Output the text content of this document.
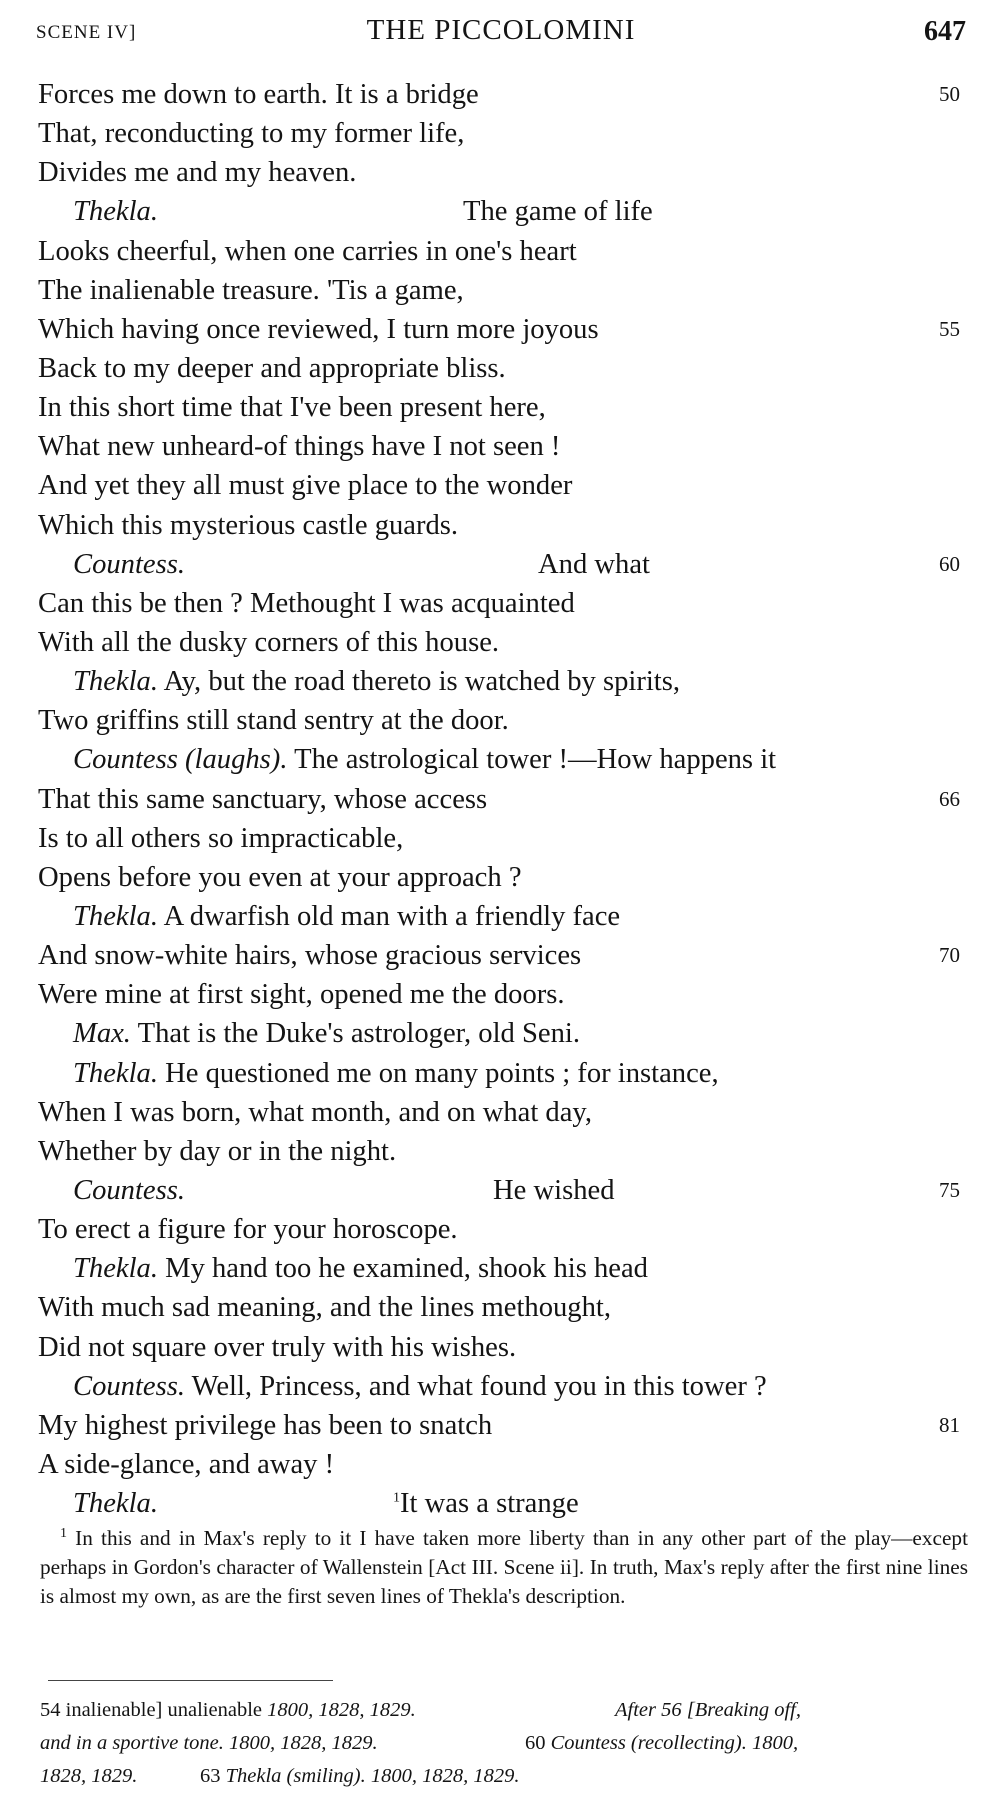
SCENE IV]	THE PICCOLOMINI	647
Forces me down to earth. It is a bridge	50
That, reconducting to my former life,
Divides me and my heaven.
Thekla.	The game of life
Looks cheerful, when one carries in one's heart
The inalienable treasure. 'Tis a game,
Which having once reviewed, I turn more joyous	55
Back to my deeper and appropriate bliss.
In this short time that I've been present here,
What new unheard-of things have I not seen !
And yet they all must give place to the wonder
Which this mysterious castle guards.
Countess.	And what	60
Can this be then ? Methought I was acquainted
With all the dusky corners of this house.
Thekla. Ay, but the road thereto is watched by spirits,
Two griffins still stand sentry at the door.
Countess (laughs). The astrological tower !—How happens it
That this same sanctuary, whose access	66
Is to all others so impracticable,
Opens before you even at your approach ?
Thekla. A dwarfish old man with a friendly face
And snow-white hairs, whose gracious services	70
Were mine at first sight, opened me the doors.
Max. That is the Duke's astrologer, old Seni.
Thekla. He questioned me on many points ; for instance,
When I was born, what month, and on what day,
Whether by day or in the night.
Countess.	He wished	75
To erect a figure for your horoscope.
Thekla. My hand too he examined, shook his head
With much sad meaning, and the lines methought,
Did not square over truly with his wishes.
Countess. Well, Princess, and what found you in this tower ?
My highest privilege has been to snatch	81
A side-glance, and away !
Thekla.	$^1$It was a strange

$^1$ In this and in Max's reply to it I have taken more liberty than in any other part of the play—except perhaps in Gordon's character of Wallenstein [Act III. Scene ii]. In truth, Max's reply after the first nine lines is almost my own, as are the first seven lines of Thekla's description.

54 inalienable] unalienable 1800, 1828, 1829.	After 56 [Breaking off,
and in a sportive tone. 1800, 1828, 1829.	60 Countess (recollecting). 1800,
1828, 1829.	63 Thekla (smiling). 1800, 1828, 1829.
